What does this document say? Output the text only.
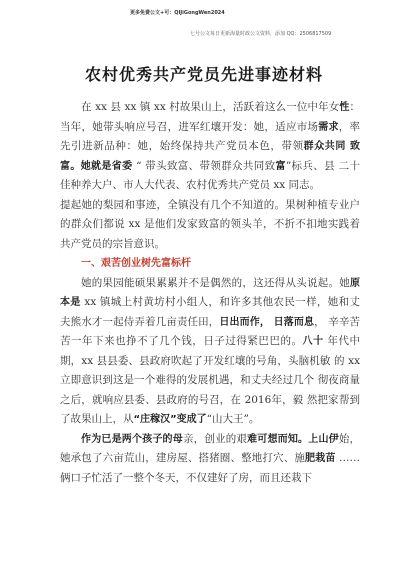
更多免费公文+可：QIJiGongWen2024
七号公文每日更新海量时政公文资料，添加 QQ：2506817509
农村优秀共产党员先进事迹材料

在 xx 县 xx 镇 xx 村故果山上，活跃着这么一位中年女性：当年，她带头响应号召，进军红壤开发：她，适应市场需求，率先引进新品种：她，始终保持共产党员本色，带领群众共同 致富。她就是省委 “ 带头致富、带领群众共同致富”标兵、县 二十佳种养大户、市人大代表、农村优秀共产党员 xx 同志。

提起她的梨园和事迹，全镇没有几个不知道的。果树种植专业户的群众们都说 xx 是他们发家致富的领头羊，不折不扣地实践着共产党员的宗旨意识。

一、艰苦创业树先富标杆

她的果园能硕果累累并不是偶然的，这还得从头说起。她原本是 xx 镇城上村黄坊村小组人，和许多其他农民一样，她和丈夫熊水才一起侍弄着几亩责任田，日出而作， 日落而息， 辛辛苦苦一年下来也挣不了几个钱，日子过得紧巴巴的。八十 年代中期，xx 县县委、县政府吹起了开发红壤的号角，头脑机敏 的 xx 立即意识到这是一个难得的发展机遇，和丈夫经过几个 彻夜商量之后，就响应县委、县政府的号召，在 2016年，毅 然把家帮到了故果山上，从“庄稼汉”变成了“山大王”。

作为已是两个孩子的母亲，创业的艰难可想而知。上山伊始，她承包了六亩荒山，建房屋、搭猪圈、整地打穴、施肥栽苗 ……俩口子忙活了一整个冬天，不仅建好了房，而且还栽下
